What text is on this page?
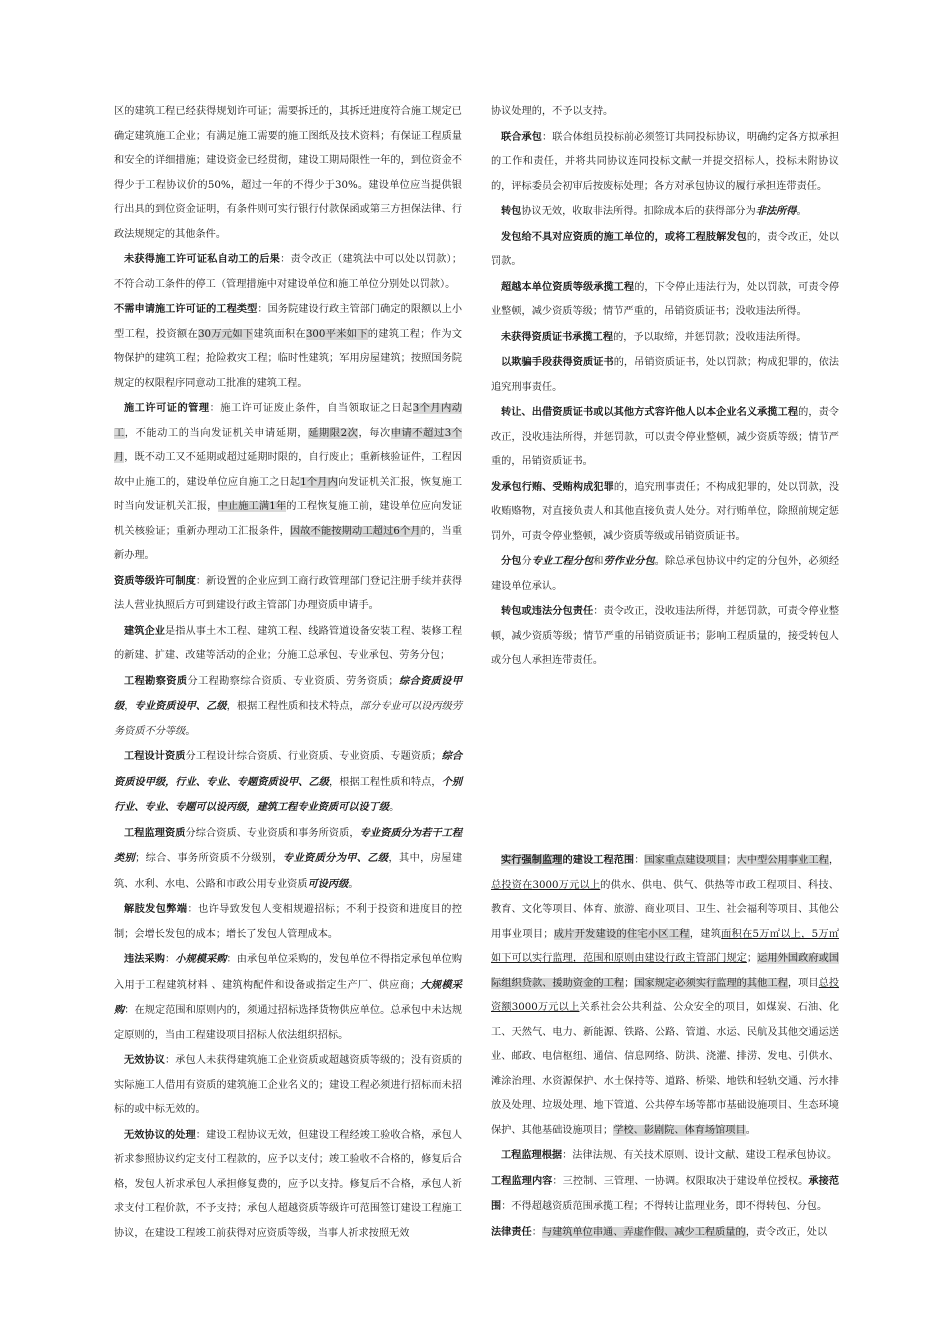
区的建筑工程已经获得规划许可证；需要拆迁的，其拆迁进度符合施工规定已确定建筑施工企业；有满足施工需要的施工图纸及技术资料；有保证工程质量和安全的详细措施；建设资金已经贯彻，建设工期局限性一年的，到位资金不得少于工程协议价的50%，超过一年的不得少于30%。建设单位应当提供银行出具的到位资金证明，有条件则可实行银行付款保函或第三方担保法律、行政法规规定的其他条件。

未获得施工许可证私自动工的后果：责令改正（建筑法中可以处以罚款）；不符合动工条件的停工（管理措施中对建设单位和施工单位分别处以罚款）。

不需申请施工许可证的工程类型：国务院建设行政主管部门确定的限额以上小型工程，投资额在30万元如下建筑面积在300平米如下的建筑工程；作为文物保护的建筑工程；抢险救灾工程；临时性建筑；军用房屋建筑；按照国务院规定的权限程序同意动工批准的建筑工程。

施工许可证的管理：施工许可证废止条件，自当领取证之日起3个月内动工，不能动工的当向发证机关申请延期，延期限2次，每次申请不超过3个月，既不动工又不延期或超过延期时限的，自行废止；重新核验证件，工程因故中止施工的，建设单位应自施工之日起1个月内向发证机关汇报，恢复施工时当向发证机关汇报，中止施工满1年的工程恢复施工前，建设单位应向发证机关核验证；重新办理动工汇报条件，因故不能按期动工超过6个月的，当重新办理。

资质等级许可制度：新设置的企业应到工商行政管理部门登记注册手续并获得法人营业执照后方可到建设行政主管部门办理资质申请手。

建筑企业是指从事土木工程、建筑工程、线路管道设备安装工程、装修工程的新建、扩建、改建等活动的企业；分施工总承包、专业承包、劳务分包；

工程勘察资质分工程勘察综合资质、专业资质、劳务资质；综合资质设甲级，专业资质设甲、乙级，根据工程性质和技术特点，部分专业可以设丙级劳务资质不分等级。

工程设计资质分工程设计综合资质、行业资质、专业资质、专题资质；综合资质设甲级，行业、专业、专题资质设甲、乙级，根据工程性质和特点，个别行业、专业、专题可以设丙级，建筑工程专业资质可以设丁级。

工程监理资质分综合资质、专业资质和事务所资质，专业资质分为若干工程类别；综合、事务所资质不分级别，专业资质分为甲、乙级，其中，房屋建筑、水利、水电、公路和市政公用专业资质可设丙级。

解肢发包弊端：也许导致发包人变相规避招标；不利于投资和进度目的控制；会增长发包的成本；增长了发包人管理成本。

违法采购：小规模采购：由承包单位采购的，发包单位不得指定承包单位购入用于工程建筑材料 、建筑构配件和设备或指定生产厂、供应商；大规模采购：在规定范围和原则内的，须通过招标选择货物供应单位。总承包中未达规定原则的，当由工程建设项目招标人依法组织招标。

无效协议：承包人未获得建筑施工企业资质或超越资质等级的；没有资质的实际施工人借用有资质的建筑施工企业名义的；建设工程必须进行招标而未招标的或中标无效的。

无效协议的处理：建设工程协议无效，但建设工程经竣工验收合格，承包人祈求参照协议约定支付工程款的，应予以支付；竣工验收不合格的，修复后合格，发包人祈求承包人承担修复费的，应予以支持。修复后不合格，承包人祈求支付工程价款，不予支持；承包人超越资质等级许可范围签订建设工程施工协议，在建设工程竣工前获得对应资质等级，当事人祈求按照无效

协议处理的，不予以支持。

联合承包：联合体组员投标前必须签订共同投标协议，明确约定各方拟承担的工作和责任，并将共同协议连同投标文献一并提交招标人，投标未附协议的，评标委员会初审后按废标处理；各方对承包协议的履行承担连带责任。

转包协议无效，收取非法所得。扣除成本后的获得部分为非法所得。

发包给不具对应资质的施工单位的，或将工程肢解发包的，责令改正，处以罚款。

超越本单位资质等级承揽工程的，下令停止违法行为，处以罚款，可责令停业整顿，减少资质等级；情节严重的，吊销资质证书；没收违法所得。

未获得资质证书承揽工程的，予以取缔，并惩罚款；没收违法所得。

以欺骗手段获得资质证书的，吊销资质证书，处以罚款；构成犯罪的，依法追究刑事责任。

转让、出借资质证书或以其他方式容许他人以本企业名义承揽工程的，责令改正，没收违法所得，并惩罚款，可以责令停业整顿，减少资质等级；情节严重的，吊销资质证书。

发承包行贿、受贿构成犯罪的，追究刑事责任；不构成犯罪的，处以罚款，没收贿赂物，对直接负责人和其他直接负责人处分。对行贿单位，除照前规定惩罚外，可责令停业整顿，减少资质等级或吊销资质证书。

分包分专业工程分包和劳作业分包。除总承包协议中约定的分包外，必须经建设单位承认。

转包或违法分包责任：责令改正，没收违法所得，并惩罚款，可责令停业整顿，减少资质等级；情节严重的吊销资质证书；影响工程质量的，接受转包人或分包人承担连带责任。

实行强制监理的建设工程范围：国家重点建设项目；大中型公用事业工程，总投资在3000万元以上的供水、供电、供气、供热等市政工程项目、科技、教育、文化等项目、体育、旅游、商业项目、卫生、社会福利等项目、其他公用事业项目；成片开发建设的住宅小区工程，建筑面积在5万㎡以上，5万㎡如下可以实行监理，范围和原则由建设行政主管部门规定；运用外国政府或国际组织贷款、援助资金的工程；国家规定必须实行监理的其他工程，项目总投资额3000万元以上关系社会公共利益、公众安全的项目，如煤炭、石油、化工、天然气、电力、新能源、铁路、公路、管道、水运、民航及其他交通运送业、邮政、电信枢纽、通信、信息网络、防洪、浇灌、排涝、发电、引供水、滩涂治理、水资源保护、水土保持等、道路、桥梁、地铁和轻轨交通、污水排放及处理、垃圾处理、地下管道、公共停车场等都市基础设施项目、生态环境保护、其他基础设施项目；学校、影剧院、体育场馆项目。

工程监理根据：法律法规、有关技术原则、设计文献、建设工程承包协议。

工程监理内容：三控制、三管理、一协调。权限取决于建设单位授权。承接范围：不得超越资质范围承揽工程；不得转让监理业务，即不得转包、分包。

法律责任：与建筑单位串通、弄虚作假、减少工程质量的，责令改正，处以
